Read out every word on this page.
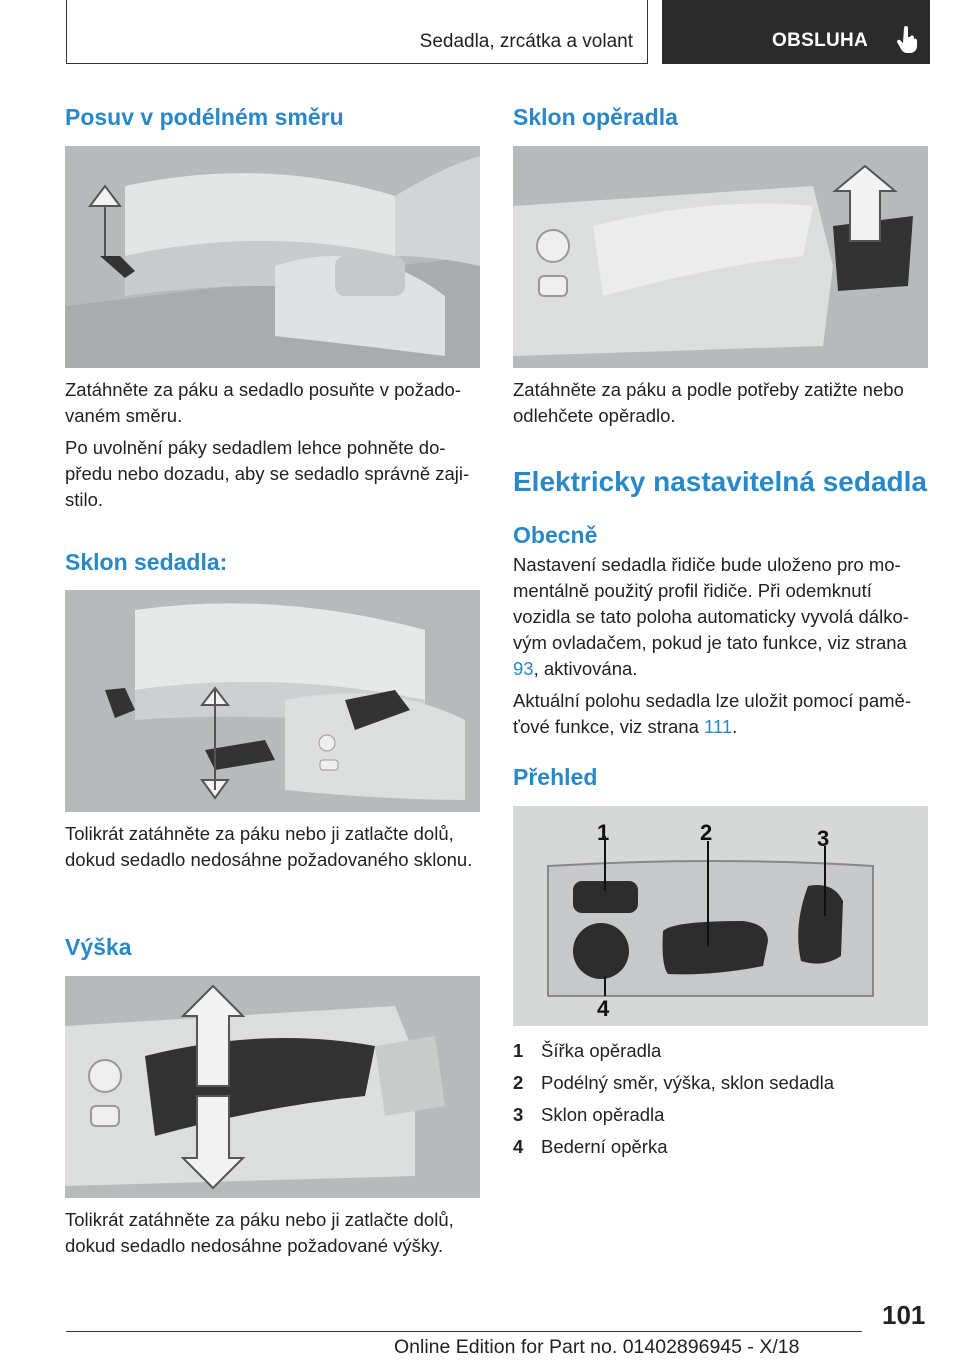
Sedadla, zrcátka a volant	OBSLUHA
Posuv v podélném směru

Zatáhněte za páku a sedadlo posuňte v požado-vaném směru.

Po uvolnění páky sedadlem lehce pohněte do-předu nebo dozadu, aby se sedadlo správně zaji-stilo.

Sklon sedadla:

Tolikrát zatáhněte za páku nebo ji zatlačte dolů, dokud sedadlo nedosáhne požadovaného sklonu.

Výška

Tolikrát zatáhněte za páku nebo ji zatlačte dolů, dokud sedadlo nedosáhne požadované výšky.

Sklon opěradla

Zatáhněte za páku a podle potřeby zatižte nebo odlehčete opěradlo.

Elektricky nastavitelná sedadla
Obecně

Nastavení sedadla řidiče bude uloženo pro mo-mentálně použitý profil řidiče. Při odemknutí vozidla se tato poloha automaticky vyvolá dálko-vým ovladačem, pokud je tato funkce, viz strana 93, aktivována.

Aktuální polohu sedadla lze uložit pomocí pamě-ťové funkce, viz strana 111.

Přehled
1	2	3
4
1 Šířka opěradla
2 Podélný směr, výška, sklon sedadla
3 Sklon opěradla
4 Bederní opěrka
101
Online Edition for Part no. 01402896945 - X/18
